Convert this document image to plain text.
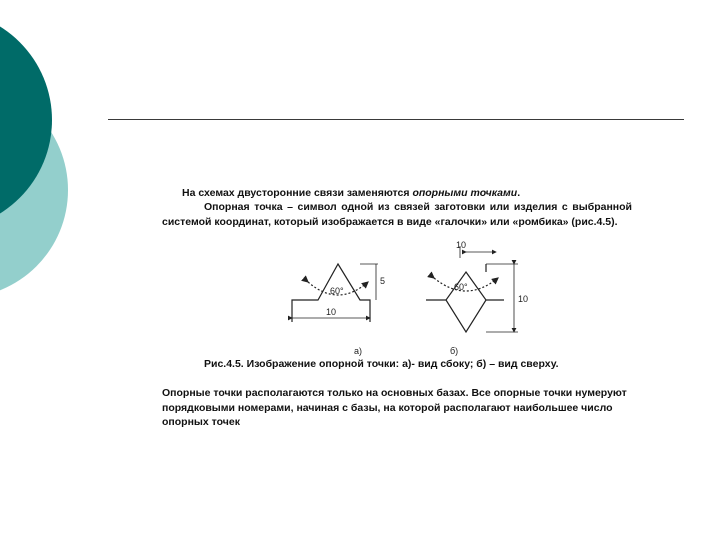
На схемах двусторонние связи заменяются опорными точками.

Опорная точка – символ одной из связей заготовки или изделия с выбранной системой координат, который изображается в виде «галочки» или «ромбика» (рис.4.5).

60°
5
10
а)
10
60°
10
б)

Рис.4.5. Изображение опорной точки: а)- вид сбоку; б) – вид сверху.

Опорные точки располагаются только на основных базах. Все опорные точки нумеруют порядковыми номерами, начиная с базы, на которой располагают наибольшее число опорных точек
